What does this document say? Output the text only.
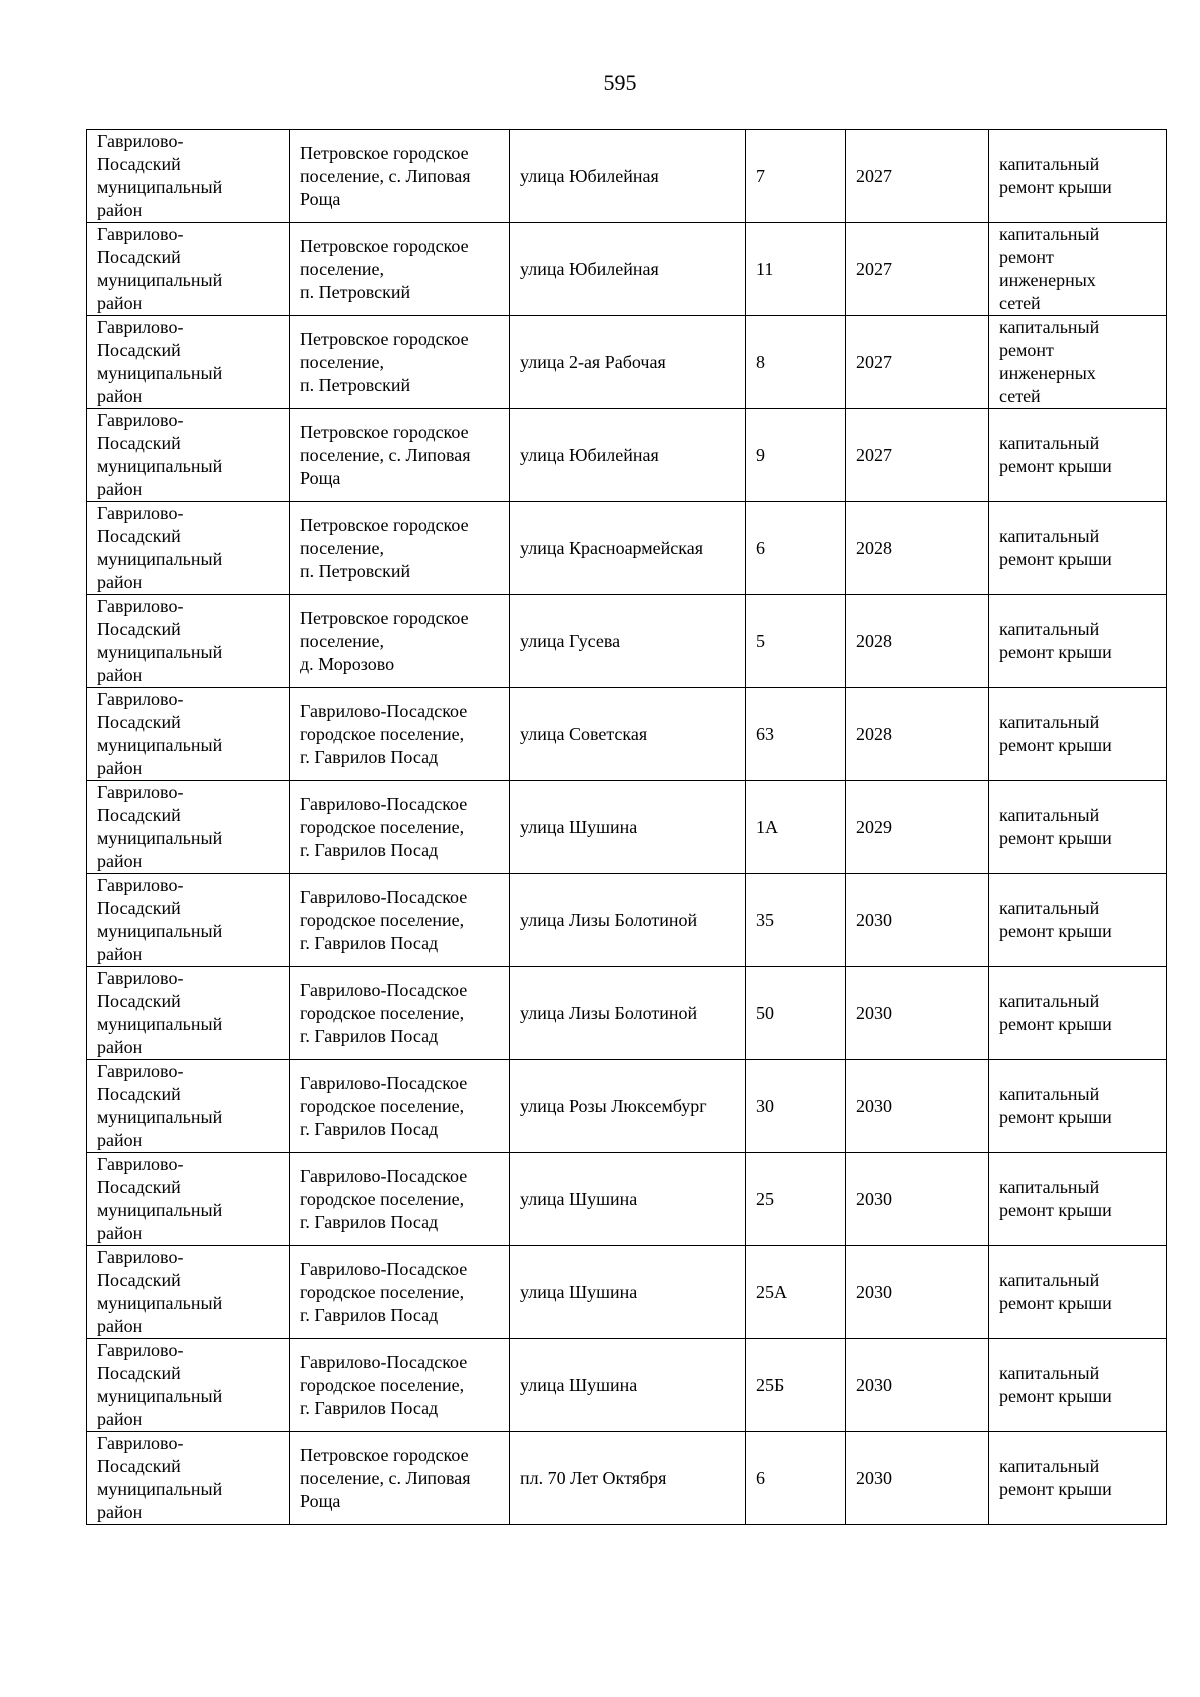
595
Гаврилово-
Посадский
муниципальный
район	Петровское городское
поселение, с. Липовая
Роща	улица Юбилейная	7	2027	капитальный
ремонт крыши

Гаврилово-
Посадский
муниципальный
район	Петровское городское
поселение,
п. Петровский	улица Юбилейная	11	2027	капитальный
ремонт
инженерных
сетей

Гаврилово-
Посадский
муниципальный
район	Петровское городское
поселение,
п. Петровский	улица 2-ая Рабочая	8	2027	капитальный
ремонт
инженерных
сетей

Гаврилово-
Посадский
муниципальный
район	Петровское городское
поселение, с. Липовая
Роща	улица Юбилейная	9	2027	капитальный
ремонт крыши

Гаврилово-
Посадский
муниципальный
район	Петровское городское
поселение,
п. Петровский	улица Красноармейская	6	2028	капитальный
ремонт крыши

Гаврилово-
Посадский
муниципальный
район	Петровское городское
поселение,
д. Морозово	улица Гусева	5	2028	капитальный
ремонт крыши

Гаврилово-
Посадский
муниципальный
район	Гаврилово-Посадское
городское поселение,
г. Гаврилов Посад	улица Советская	63	2028	капитальный
ремонт крыши

Гаврилово-
Посадский
муниципальный
район	Гаврилово-Посадское
городское поселение,
г. Гаврилов Посад	улица Шушина	1А	2029	капитальный
ремонт крыши

Гаврилово-
Посадский
муниципальный
район	Гаврилово-Посадское
городское поселение,
г. Гаврилов Посад	улица Лизы Болотиной	35	2030	капитальный
ремонт крыши

Гаврилово-
Посадский
муниципальный
район	Гаврилово-Посадское
городское поселение,
г. Гаврилов Посад	улица Лизы Болотиной	50	2030	капитальный
ремонт крыши

Гаврилово-
Посадский
муниципальный
район	Гаврилово-Посадское
городское поселение,
г. Гаврилов Посад	улица Розы Люксембург	30	2030	капитальный
ремонт крыши

Гаврилово-
Посадский
муниципальный
район	Гаврилово-Посадское
городское поселение,
г. Гаврилов Посад	улица Шушина	25	2030	капитальный
ремонт крыши

Гаврилово-
Посадский
муниципальный
район	Гаврилово-Посадское
городское поселение,
г. Гаврилов Посад	улица Шушина	25А	2030	капитальный
ремонт крыши

Гаврилово-
Посадский
муниципальный
район	Гаврилово-Посадское
городское поселение,
г. Гаврилов Посад	улица Шушина	25Б	2030	капитальный
ремонт крыши

Гаврилово-
Посадский
муниципальный
район	Петровское городское
поселение, с. Липовая
Роща	пл. 70 Лет Октября	6	2030	капитальный
ремонт крыши
